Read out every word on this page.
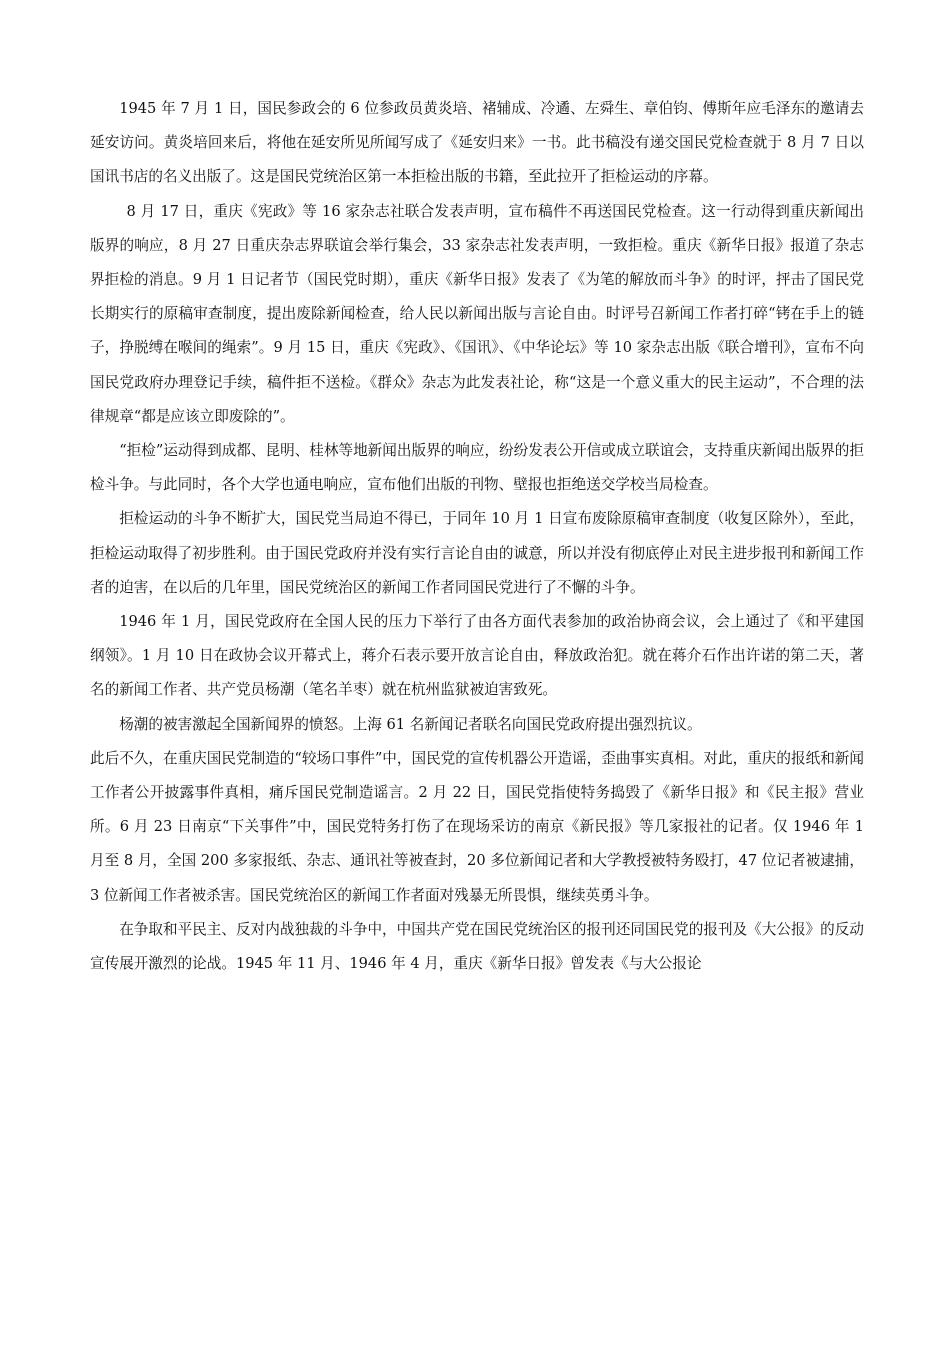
1945 年 7 月 1 日，国民参政会的 6 位参政员黄炎培、褚辅成、冷遹、左舜生、章伯钧、傅斯年应毛泽东的邀请去延安访问。黄炎培回来后，将他在延安所见所闻写成了《延安归来》一书。此书稿没有递交国民党检查就于 8 月 7 日以国讯书店的名义出版了。这是国民党统治区第一本拒检出版的书籍，至此拉开了拒检运动的序幕。

8 月 17 日，重庆《宪政》等 16 家杂志社联合发表声明，宣布稿件不再送国民党检查。这一行动得到重庆新闻出版界的响应，8 月 27 日重庆杂志界联谊会举行集会，33 家杂志社发表声明，一致拒检。重庆《新华日报》报道了杂志界拒检的消息。9 月 1 日记者节（国民党时期），重庆《新华日报》发表了《为笔的解放而斗争》的时评，抨击了国民党长期实行的原稿审查制度，提出废除新闻检查，给人民以新闻出版与言论自由。时评号召新闻工作者打碎“铐在手上的链子，挣脱缚在喉间的绳索”。9 月 15 日，重庆《宪政》、《国讯》、《中华论坛》等 10 家杂志出版《联合增刊》，宣布不向国民党政府办理登记手续，稿件拒不送检。《群众》杂志为此发表社论，称“这是一个意义重大的民主运动”，不合理的法律规章“都是应该立即废除的”。

“拒检”运动得到成都、昆明、桂林等地新闻出版界的响应，纷纷发表公开信或成立联谊会，支持重庆新闻出版界的拒检斗争。与此同时，各个大学也通电响应，宣布他们出版的刊物、壁报也拒绝送交学校当局检查。

拒检运动的斗争不断扩大，国民党当局迫不得已，于同年 10 月 1 日宣布废除原稿审查制度（收复区除外），至此，拒检运动取得了初步胜利。由于国民党政府并没有实行言论自由的诚意，所以并没有彻底停止对民主进步报刊和新闻工作者的迫害，在以后的几年里，国民党统治区的新闻工作者同国民党进行了不懈的斗争。

1946 年 1 月，国民党政府在全国人民的压力下举行了由各方面代表参加的政治协商会议，会上通过了《和平建国纲领》。1 月 10 日在政协会议开幕式上，蒋介石表示要开放言论自由，释放政治犯。就在蒋介石作出许诺的第二天，著名的新闻工作者、共产党员杨潮（笔名羊枣）就在杭州监狱被迫害致死。

杨潮的被害激起全国新闻界的愤怒。上海 61 名新闻记者联名向国民党政府提出强烈抗议。

此后不久，在重庆国民党制造的“较场口事件”中，国民党的宣传机器公开造谣，歪曲事实真相。对此，重庆的报纸和新闻工作者公开披露事件真相，痛斥国民党制造谣言。2 月 22 日，国民党指使特务捣毁了《新华日报》和《民主报》营业所。6 月 23 日南京“下关事件”中，国民党特务打伤了在现场采访的南京《新民报》等几家报社的记者。仅 1946 年 1 月至 8 月，全国 200 多家报纸、杂志、通讯社等被查封，20 多位新闻记者和大学教授被特务殴打，47 位记者被逮捕，3 位新闻工作者被杀害。国民党统治区的新闻工作者面对残暴无所畏惧，继续英勇斗争。

在争取和平民主、反对内战独裁的斗争中，中国共产党在国民党统治区的报刊还同国民党的报刊及《大公报》的反动宣传展开激烈的论战。1945 年 11 月、1946 年 4 月，重庆《新华日报》曾发表《与大公报论
